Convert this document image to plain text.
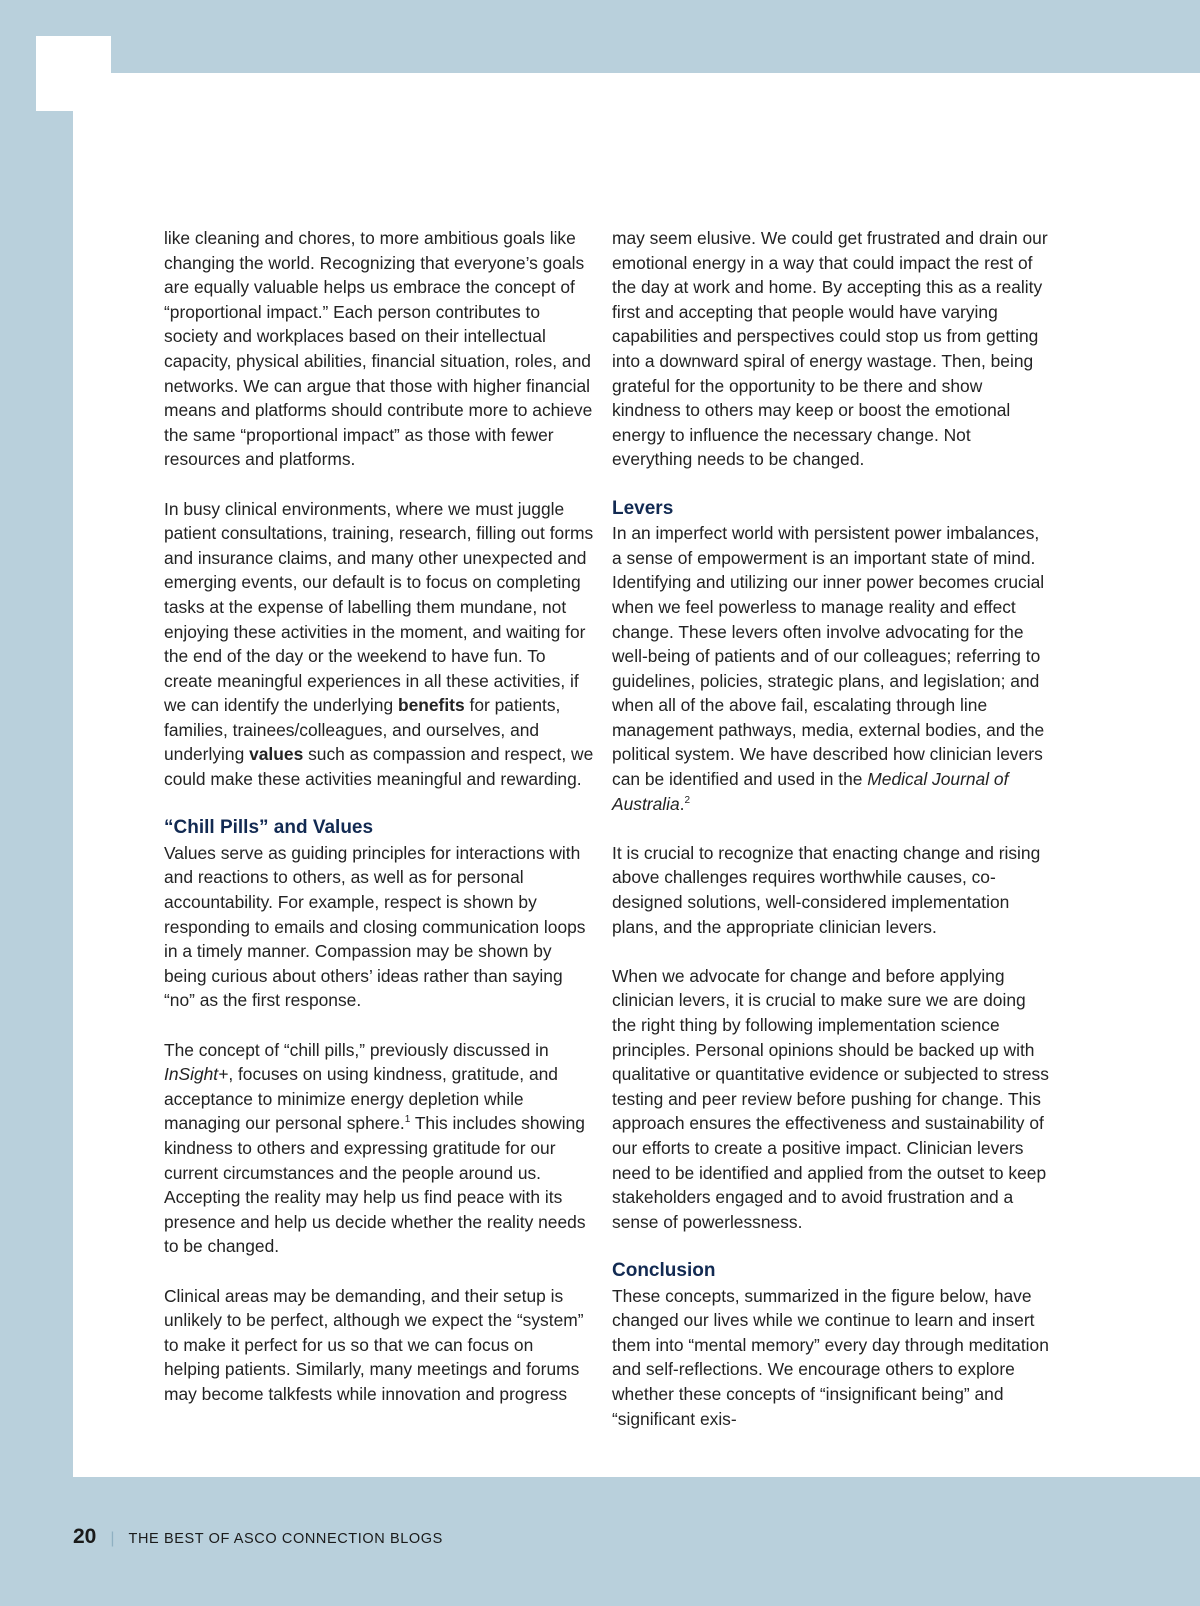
like cleaning and chores, to more ambitious goals like changing the world. Recognizing that everyone’s goals are equally valuable helps us embrace the concept of “proportional impact.” Each person contributes to society and workplaces based on their intellectual capacity, physical abilities, financial situation, roles, and networks. We can argue that those with higher financial means and platforms should contribute more to achieve the same “proportional impact” as those with fewer resources and platforms.

In busy clinical environments, where we must juggle patient consultations, training, research, filling out forms and insurance claims, and many other unexpected and emerging events, our default is to focus on completing tasks at the expense of labelling them mundane, not enjoying these activities in the moment, and waiting for the end of the day or the weekend to have fun. To create meaningful experiences in all these activities, if we can identify the underlying benefits for patients, families, trainees/colleagues, and ourselves, and underlying values such as compassion and respect, we could make these activities meaningful and rewarding.

“Chill Pills” and Values

Values serve as guiding principles for interactions with and reactions to others, as well as for personal accountability. For example, respect is shown by responding to emails and closing communication loops in a timely manner. Compassion may be shown by being curious about others’ ideas rather than saying “no” as the first response.

The concept of “chill pills,” previously discussed in InSight+, focuses on using kindness, gratitude, and acceptance to minimize energy depletion while managing our personal sphere.$^1$ This includes showing kindness to others and expressing gratitude for our current circumstances and the people around us. Accepting the reality may help us find peace with its presence and help us decide whether the reality needs to be changed.

Clinical areas may be demanding, and their setup is unlikely to be perfect, although we expect the “system” to make it perfect for us so that we can focus on helping patients. Similarly, many meetings and forums may become talkfests while innovation and progress

may seem elusive. We could get frustrated and drain our emotional energy in a way that could impact the rest of the day at work and home. By accepting this as a reality first and accepting that people would have varying capabilities and perspectives could stop us from getting into a downward spiral of energy wastage. Then, being grateful for the opportunity to be there and show kindness to others may keep or boost the emotional energy to influence the necessary change. Not everything needs to be changed.

Levers

In an imperfect world with persistent power imbalances, a sense of empowerment is an important state of mind. Identifying and utilizing our inner power becomes crucial when we feel powerless to manage reality and effect change. These levers often involve advocating for the well-being of patients and of our colleagues; referring to guidelines, policies, strategic plans, and legislation; and when all of the above fail, escalating through line management pathways, media, external bodies, and the political system. We have described how clinician levers can be identified and used in the Medical Journal of Australia.$^2$

It is crucial to recognize that enacting change and rising above challenges requires worthwhile causes, co-designed solutions, well-considered implementation plans, and the appropriate clinician levers.

When we advocate for change and before applying clinician levers, it is crucial to make sure we are doing the right thing by following implementation science principles. Personal opinions should be backed up with qualitative or quantitative evidence or subjected to stress testing and peer review before pushing for change. This approach ensures the effectiveness and sustainability of our efforts to create a positive impact. Clinician levers need to be identified and applied from the outset to keep stakeholders engaged and to avoid frustration and a sense of powerlessness.

Conclusion

These concepts, summarized in the figure below, have changed our lives while we continue to learn and insert them into “mental memory” every day through meditation and self-reflections. We encourage others to explore whether these concepts of “insignificant being” and “significant exis-

20 | THE BEST OF ASCO CONNECTION BLOGS
